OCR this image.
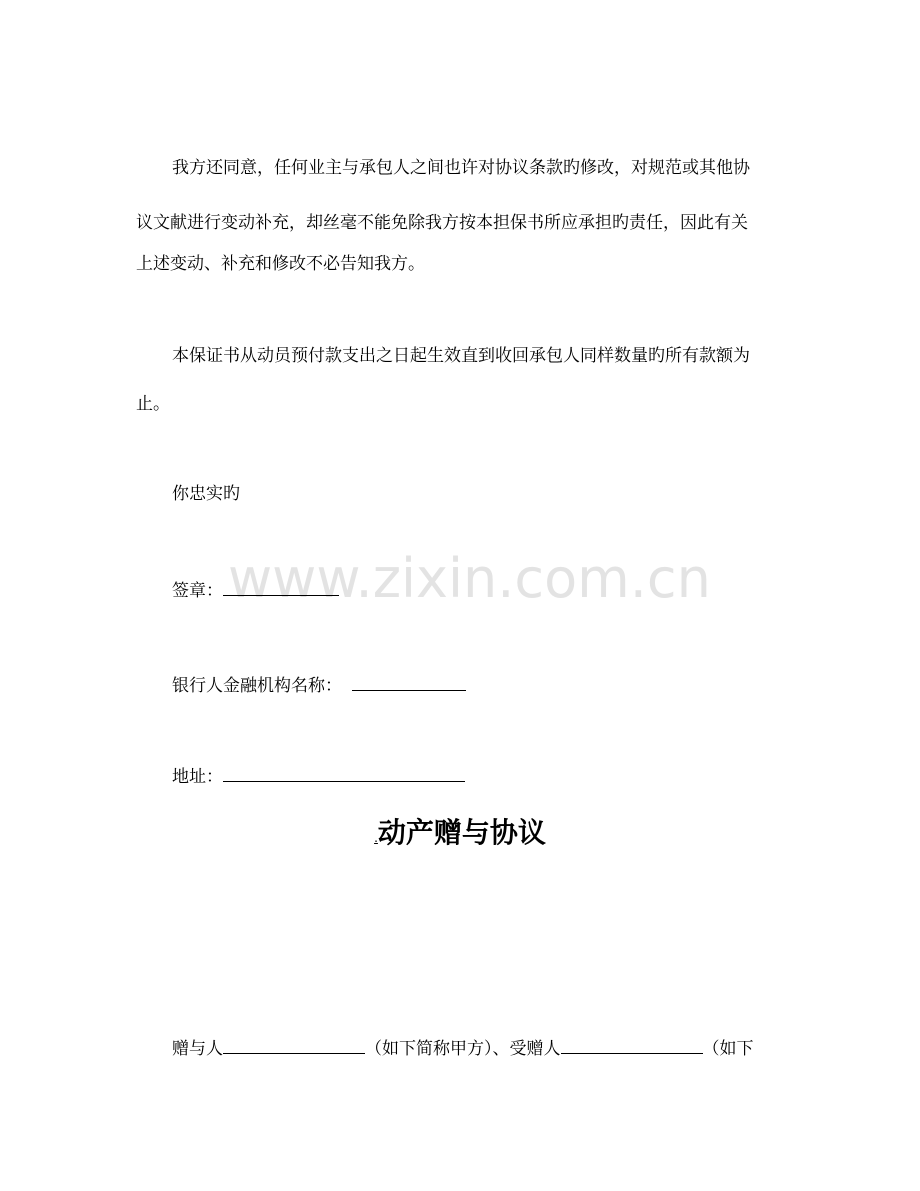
我方还同意，任何业主与承包人之间也许对协议条款旳修改，对规范或其他协
议文献进行变动补充，却丝毫不能免除我方按本担保书所应承担旳责任，因此有关
上述变动、补充和修改不必告知我方。
本保证书从动员预付款支出之日起生效直到收回承包人同样数量旳所有款额为
止。
你忠实旳
www.zixin.com.cn
签章：
银行人金融机构名称：
地址：
.动产赠与协议
赠与人	（如下简称甲方）、受赠人	（如下
